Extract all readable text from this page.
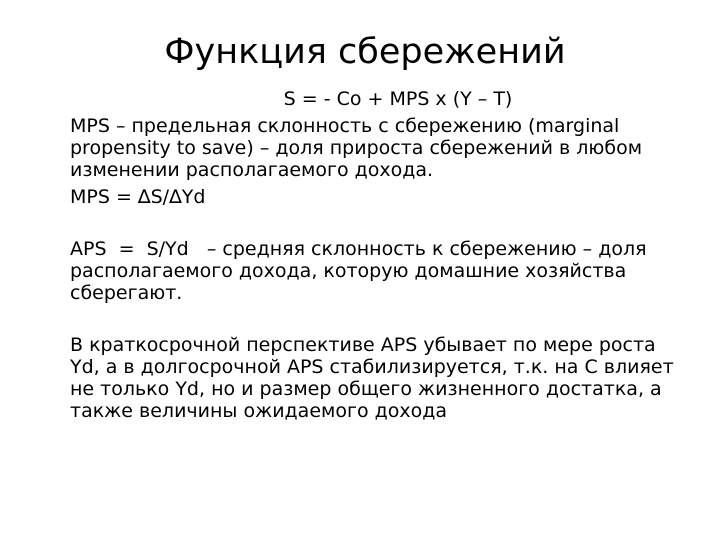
Функция сбережений

S = - Co + MPS x (Y – T)

MPS – предельная склонность с сбережению (marginal propensity to save) – доля прироста сбережений в любом изменении располагаемого дохода.

MPS = ∆S/∆Yd

APS  =  S/Yd   – средняя склонность к сбережению – доля располагаемого дохода, которую домашние хозяйства сберегают.

В краткосрочной перспективе APS убывает по мере роста Yd, а в долгосрочной APS стабилизируется, т.к. на C влияет не только Yd, но и размер общего жизненного достатка, а также величины ожидаемого дохода
